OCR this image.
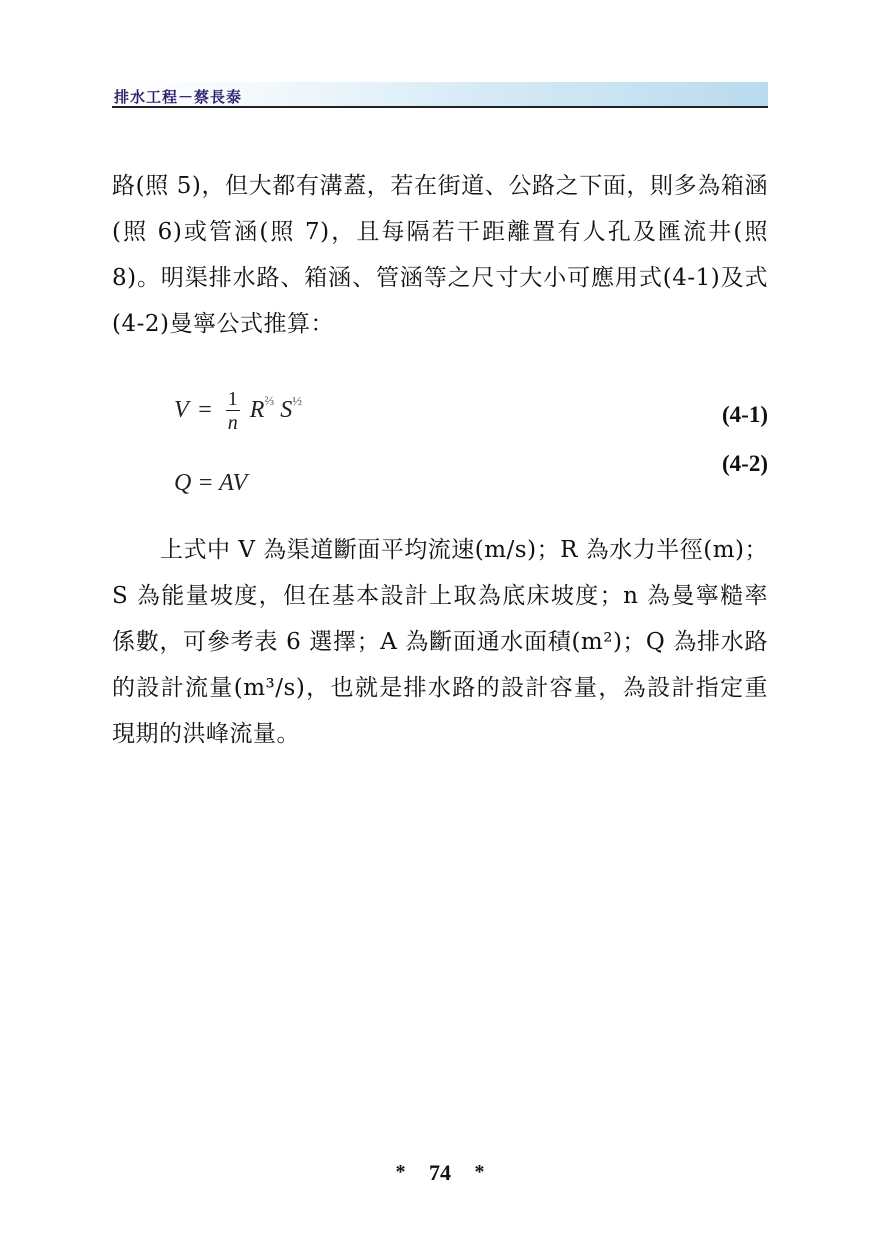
排水工程－蔡長泰
路(照 5)，但大都有溝蓋，若在街道、公路之下面，則多為箱涵(照 6)或管涵(照 7)，且每隔若干距離置有人孔及匯流井(照 8)。明渠排水路、箱涵、管涵等之尺寸大小可應用式(4-1)及式(4-2)曼寧公式推算：
$V = \frac{1}{n} R^{\frac{2}{3}}$ $S^{\frac{1}{2}}$
(4-1)
Q = AV
(4-2)
上式中 V 為渠道斷面平均流速(m/s)；R 為水力半徑(m)；S 為能量坡度，但在基本設計上取為底床坡度；n 為曼寧糙率係數，可參考表 6 選擇；A 為斷面通水面積(m²)；Q 為排水路的設計流量(m³/s)，也就是排水路的設計容量，為設計指定重現期的洪峰流量。
* 74 *
